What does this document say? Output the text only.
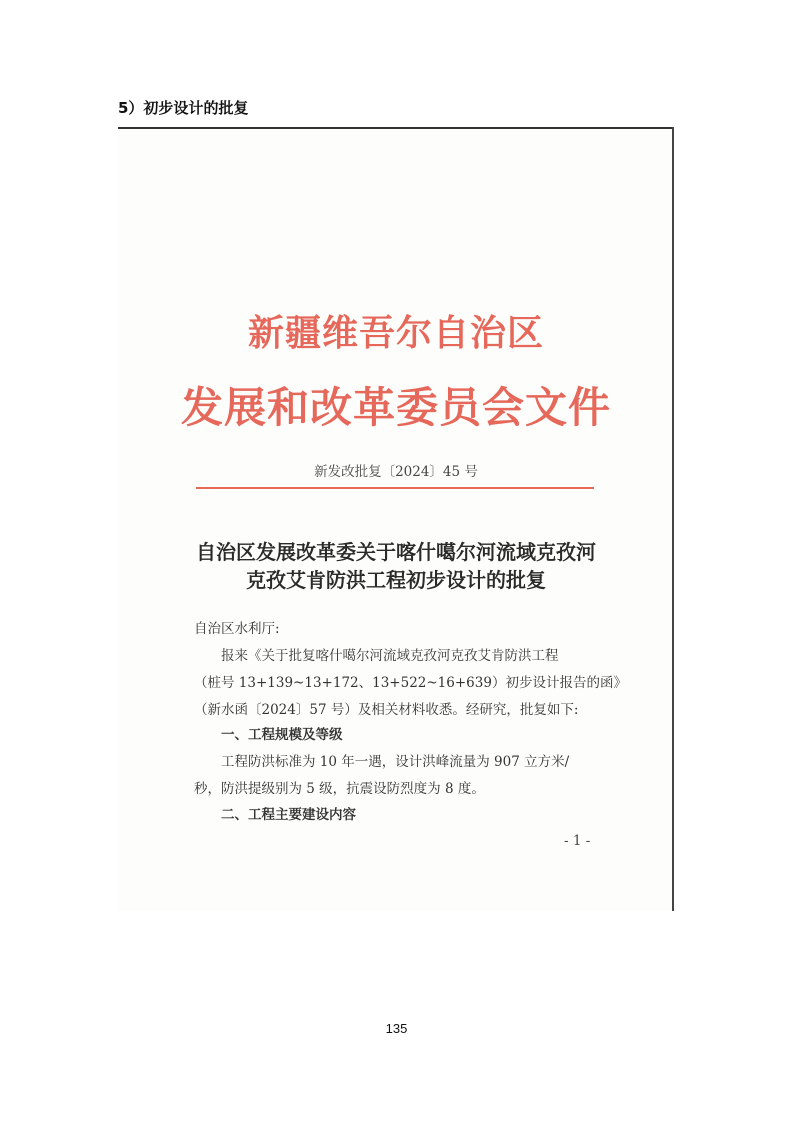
5）初步设计的批复
新疆维吾尔自治区
发展和改革委员会文件
新发改批复〔2024〕45 号
自治区发展改革委关于喀什噶尔河流域克孜河
克孜艾肯防洪工程初步设计的批复
自治区水利厅:
报来《关于批复喀什噶尔河流域克孜河克孜艾肯防洪工程
（桩号 13+139~13+172、13+522~16+639）初步设计报告的函》
（新水函〔2024〕57 号）及相关材料收悉。经研究，批复如下:
一、工程规模及等级
工程防洪标准为 10 年一遇，设计洪峰流量为 907 立方米/
秒，防洪提级别为 5 级，抗震设防烈度为 8 度。
二、工程主要建设内容
- 1 -
135
